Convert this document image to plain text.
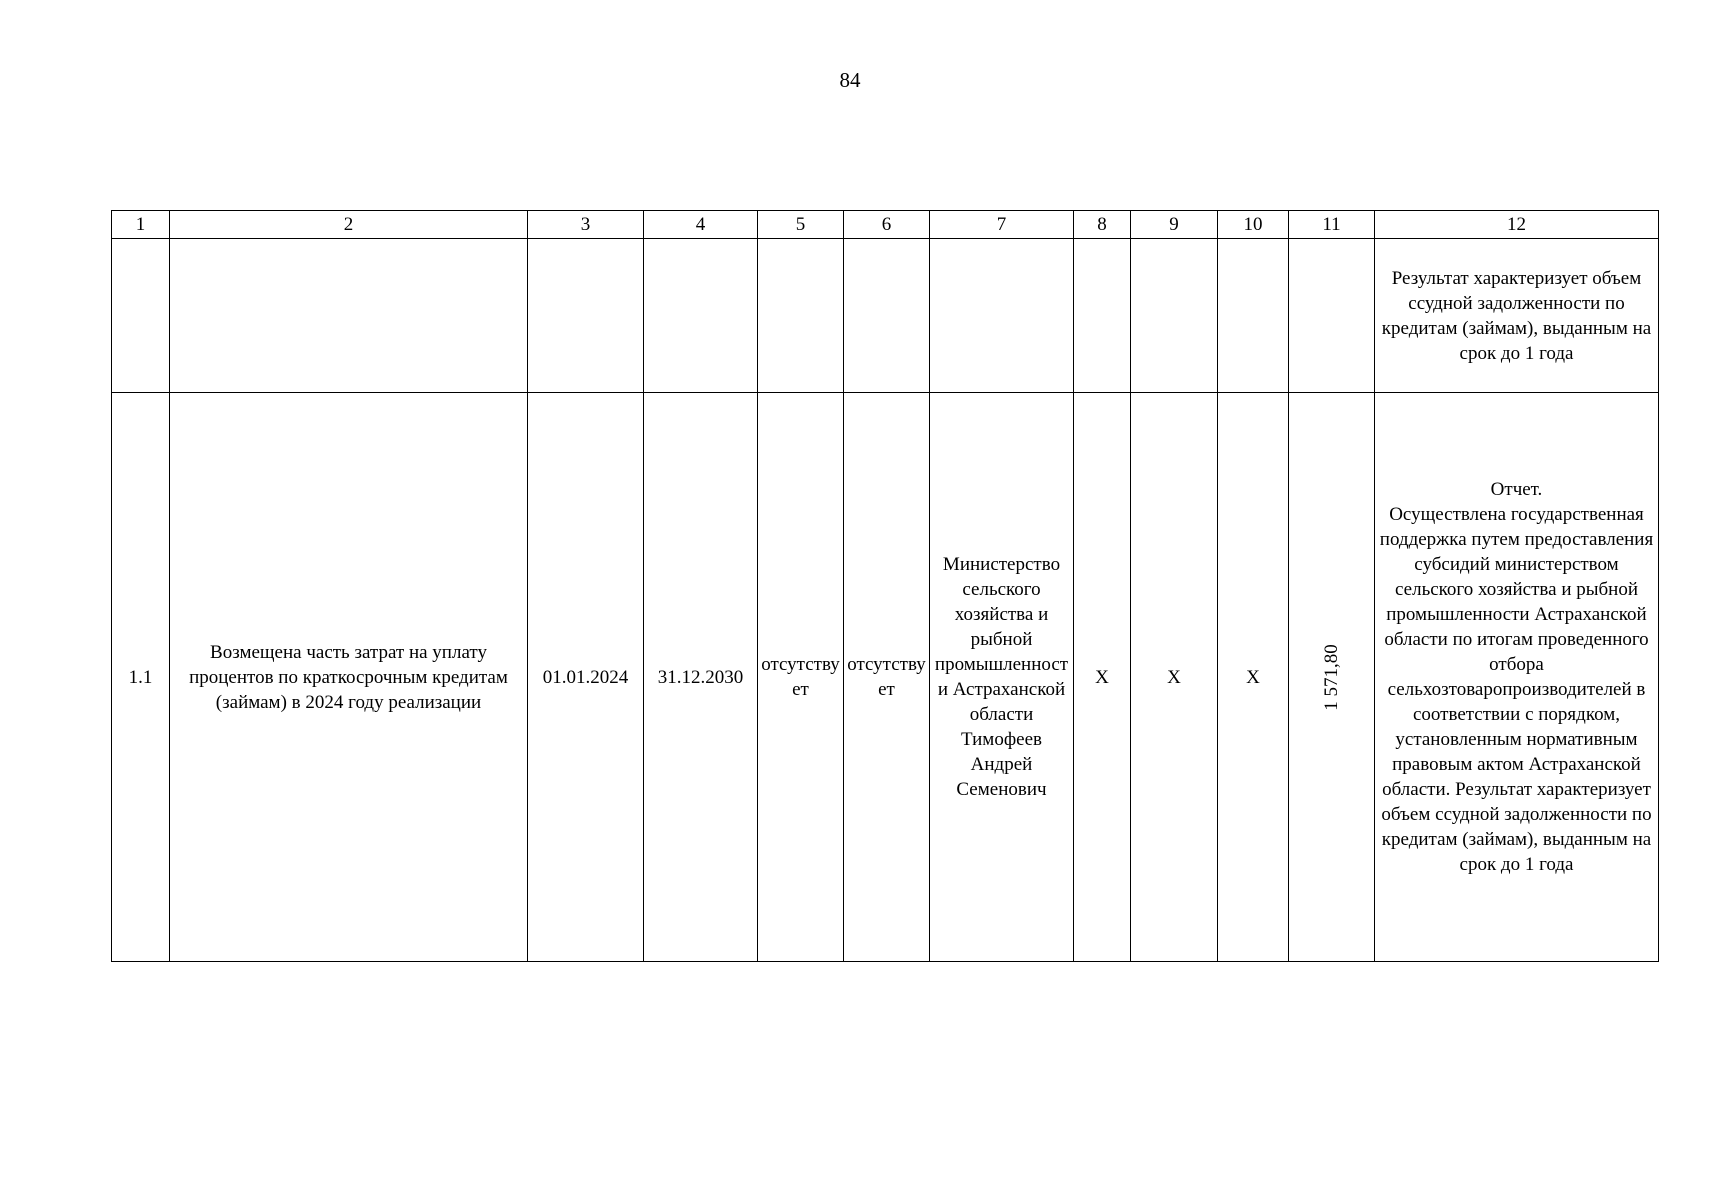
84
1	2	3	4	5	6	7	8	9	10	11	12
											Результат характеризует объем ссудной задолженности по кредитам (займам), выданным на срок до 1 года
1.1	Возмещена часть затрат на уплату процентов по краткосрочным кредитам (займам) в 2024 году реализации	01.01.2024	31.12.2030	отсутствует	отсутствует	Министерство сельского хозяйства и рыбной промышленности Астраханской области Тимофеев Андрей Семенович	X	X	X	1 571,80	Отчет.
Осуществлена государственная поддержка путем предоставления субсидий министерством сельского хозяйства и рыбной промышленности Астраханской области по итогам проведенного отбора сельхозтоваропроизводителей в соответствии с порядком, установленным нормативным правовым актом Астраханской области. Результат характеризует объем ссудной задолженности по кредитам (займам), выданным на срок до 1 года
